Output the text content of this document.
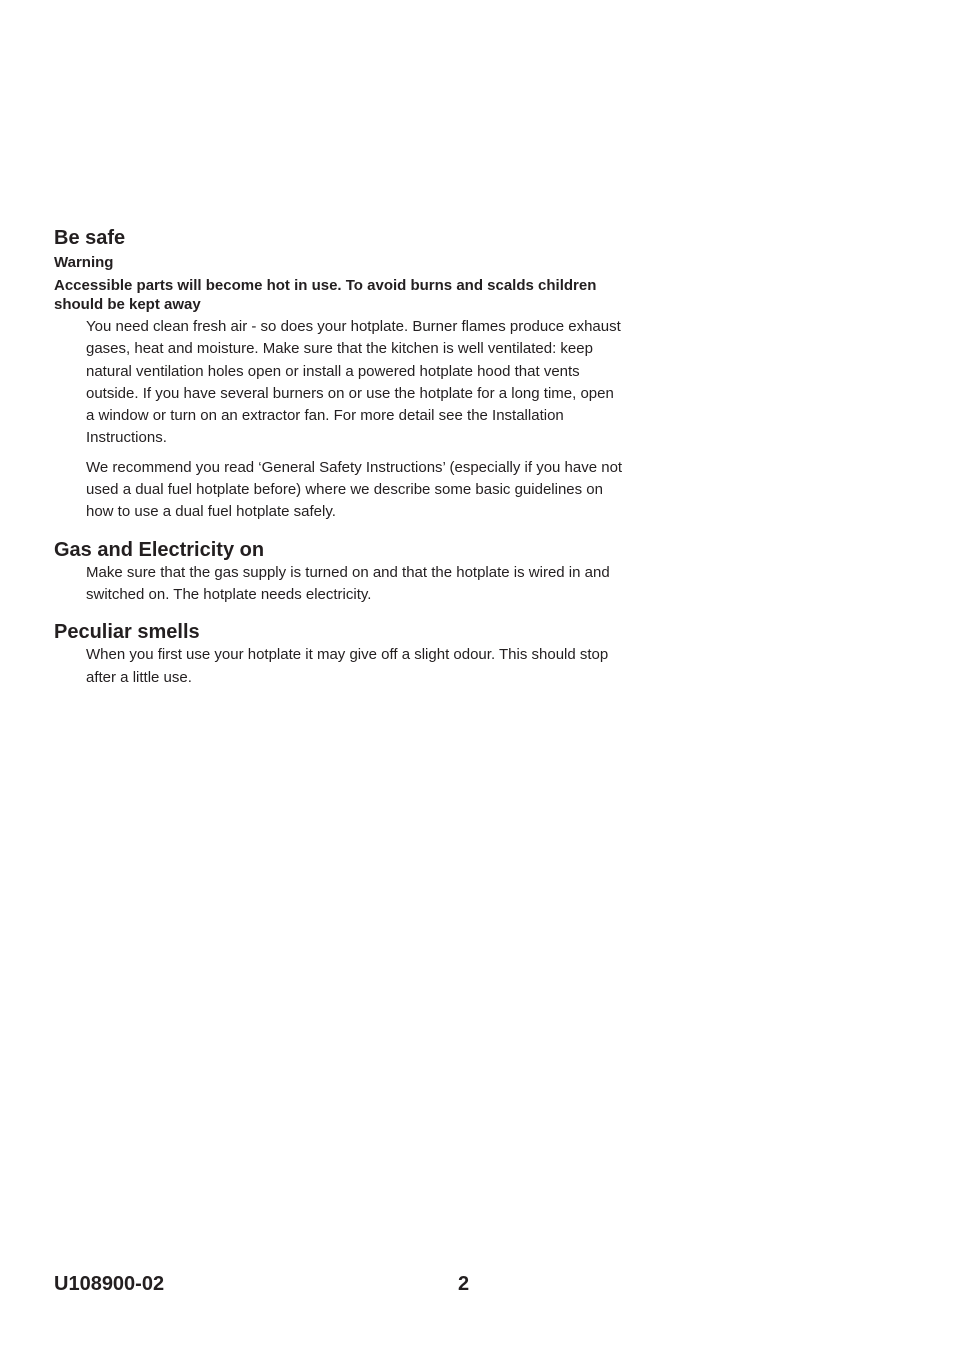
Be safe
Warning
Accessible parts will become hot in use. To avoid burns and scalds children should be kept away

You need clean fresh air - so does your hotplate. Burner flames produce exhaust gases, heat and moisture. Make sure that the kitchen is well ventilated: keep natural ventilation holes open or install a powered hotplate hood that vents outside. If you have several burners on or use the hotplate for a long time, open a window or turn on an extractor fan. For more detail see the Installation Instructions.

We recommend you read ‘General Safety Instructions’ (especially if you have not used a dual fuel hotplate before) where we describe some basic guidelines on how to use a dual fuel hotplate safely.

Gas and Electricity on

Make sure that the gas supply is turned on and that the hotplate is wired in and switched on. The hotplate needs electricity.

Peculiar smells

When you first use your hotplate it may give off a slight odour. This should stop after a little use.

U108900-02	2
